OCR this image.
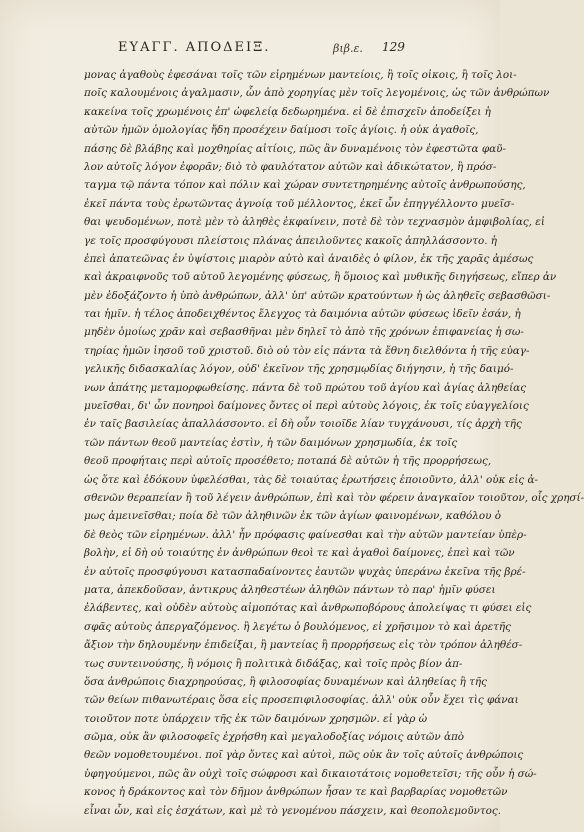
ΕΥΑΓΓ. ΑΠΟΔΕΙΞ.	βιβ.ε. 129
μονας ἀγαθοὺς ἐφεσάναι τοῖς τῶν εἰρημένων μαντείοις, ἢ τοῖς οἰκοις, ἢ τοῖς λοι-
ποῖς καλουμένοις ἀγαλμασιν, ὧν ἀπὸ χορηγίας μὲν τοῖς λεγομένοις, ὡς τῶν ἀνθρώπων
κακείνα τοῖς χρωμένοις ἐπ' ὠφελείᾳ δεδωρημένα. εἰ δὲ ἐπισχεῖν ἀποδείξει ἡ
αὐτῶν ἡμῶν ὁμολογίας ἤδη προσέχειν δαίμοσι τοῖς ἁγίοις. ἡ οὐκ ἀγαθοῖς,
πάσης δὲ βλάβης καὶ μοχθηρίας αἰτίοις, πῶς ἂν δυναμένοις τὸν ἐφεστῶτα φαῦ-
λον αὐτοῖς λόγον ἐφορᾶν; διὸ τὸ φαυλότατον αὐτῶν καὶ ἀδικώτατον, ἢ πρόσ-
ταγμα τῷ πάντα τόπον καὶ πόλιν καὶ χώραν συντετηρημένης αὐτοῖς ἀνθρωπούσης,
ἐκεῖ πάντα τοὺς ἐρωτῶντας ἀγνοίᾳ τοῦ μέλλοντος, ἐκεῖ ὧν ἐπηγγέλλοντο μυεῖσ-
θαι ψευδομένων, ποτὲ μὲν τὸ ἀληθὲς ἐκφαίνειν, ποτὲ δὲ τὸν τεχνασμὸν ἀμφιβολίας, εἰ
γε τοῖς προσφύγουσι πλείστοις πλάνας ἀπειλοῦντες κακοῖς ἀπηλλάσσοντο. ἡ
ἐπεὶ ἀπατεῶνας ἐν ὑψίστοις μιαρὸν αὐτὸ καὶ ἀναιδὲς ὁ φίλον, ἐκ τῆς χαρᾶς ἀμέσως
καὶ ἀκραιφνοῦς τοῦ αὐτοῦ λεγομένης φύσεως, ἢ ὅμοιος καὶ μυθικῆς διηγήσεως, εἴπερ ἀν
μὲν ἐδοξάζοντο ἡ ὑπὸ ἀνθρώπων, ἀλλ' ὑπ' αὐτῶν κρατούντων ἡ ὡς ἀληθεῖς σεβασθῶσι-
ται ἡμῖν. ἡ τέλος ἀποδειχθέντος ἔλεγχος τὰ δαιμόνια αὐτῶν φύσεως ἰδεῖν ἐσάν, ἡ
μηδὲν ὁμοίως χρᾶν καὶ σεβασθῆναι μὲν δηλεῖ τὸ ἀπὸ τῆς χρόνων ἐπιφανείας ἡ σω-
τηρίας ἡμῶν ἰησοῦ τοῦ χριστοῦ. διὸ οὐ τὸν εἰς πάντα τὰ ἔθνη διελθόντα ἡ τῆς εὐαγ-
γελικῆς διδασκαλίας λόγον, οὐδ' ἐκεῖνον τῆς χρησμῳδίας διήγησιν, ἡ τῆς δαιμό-
νων ἀπάτης μεταμορφωθείσης. πάντα δὲ τοῦ πρώτου τοῦ ἁγίου καὶ ἁγίας ἀληθείας
μυεῖσθαι, δι' ὧν πονηροὶ δαίμονες ὄντες οἱ περὶ αὐτοὺς λόγοις, ἐκ τοῖς εὐαγγελίοις
ἐν ταῖς βασιλείας ἀπαλλάσσοντο. εἰ δὴ οὖν τοιοῖδε λίαν τυγχάνουσι, τίς ἀρχὴ τῆς
τῶν πάντων θεοῦ μαντείας ἐστὶν, ἡ τῶν δαιμόνων χρησμωδία, ἐκ τοῖς
θεοῦ προφήταις περὶ αὐτοῖς προσέθετο; ποταπά δὲ αὐτῶν ἡ τῆς προρρήσεως,
ὡς ὅτε καὶ ἐδόκουν ὑφελέσθαι, τὰς δὲ τοιαύτας ἐρωτήσεις ἐποιοῦντο, ἀλλ' οὐκ εἰς ἀ-
σθενῶν θεραπείαν ἢ τοῦ λέγειν ἀνθρώπων, ἐπὶ καὶ τὸν φέρειν ἀναγκαῖον τοιοῦτον, οἷς χρησί-
μως ἀμεινεῖσθαι; ποία δὲ τῶν ἀληθινῶν ἐκ τῶν ἁγίων φαινομένων, καθόλου ὁ
δὲ θεὸς τῶν εἰρημένων. ἀλλ' ἦν πρόφασις φαίνεσθαι καὶ τὴν αὐτῶν μαντείαν ὑπὲρ-
βολὴν, εἰ δὴ οὐ τοιαύτης ἐν ἀνθρώπων θεοὶ τε καὶ ἀγαθοὶ δαίμονες, ἐπεὶ καὶ τῶν
ἐν αὐτοῖς προσφύγουσι κατασπαδαίνοντες ἑαυτῶν ψυχὰς ὑπεράνω ἐκεῖνα τῆς βρέ-
ματα, ἀπεκδοῦσαν, ἀντικρυς ἀληθεστέων ἀληθῶν πάντων τὸ παρ' ἡμῖν φύσει
ἐλάβεντες, καὶ οὐδὲν αὐτοὺς αἰμοπότας καὶ ἀνθρωποβόρους ἀπολείψας τι φύσει εἰς
σφᾶς αὐτοὺς ἀπεργαζόμενος. ἢ λεγέτω ὁ βουλόμενος, εἰ χρῆσιμον τὸ καὶ ἀρετῆς
ἄξιον τὴν δηλουμένην ἐπιδείξαι, ἢ μαντείας ἢ προρρήσεως εἰς τὸν τρόπον ἀληθέσ-
τως συντεινούσης, ἢ νόμοις ἢ πολιτικὰ διδάξας, καὶ τοῖς πρὸς βίον ἀπ-
ὅσα ἀνθρώποις διαχρηρούσας, ἢ φιλοσοφίας δυναμένων καὶ ἀληθείας ἢ τῆς
τῶν θείων πιθανωτέραις ὅσα εἰς προσεπιφιλοσοφίας. ἀλλ' οὐκ οὖν ἔχει τὶς φάναι
τοιοῦτον ποτε ὑπάρχειν τῆς ἐκ τῶν δαιμόνων χρησμῶν. εἰ γὰρ ὡ
σῶμα, οὐκ ἂν φιλοσοφεῖς ἐχρήσθη καὶ μεγαλοδοξίας νόμοις αὐτῶν ἀπὸ
θεῶν νομοθετουμένοι. ποῖ γὰρ ὄντες καὶ αὐτοὶ, πῶς οὐκ ἂν τοῖς αὐτοῖς ἀνθρώποις
ὑφηγούμενοι, πῶς ἂν οὐχὶ τοῖς σώφροσι καὶ δικαιοτάτοις νομοθετεῖσι; τῆς οὖν ἡ σώ-
κονος ἡ δράκοντος καὶ τὸν δῆμον ἀνθρώπων ἦσαν τε καὶ βαρβαρίας νομοθετῶν
εἶναι ὧν, καὶ εἰς ἐσχάτων, καὶ μὲ τὸ γενομένου πάσχειν, καὶ θεοπολεμοῦντος.
